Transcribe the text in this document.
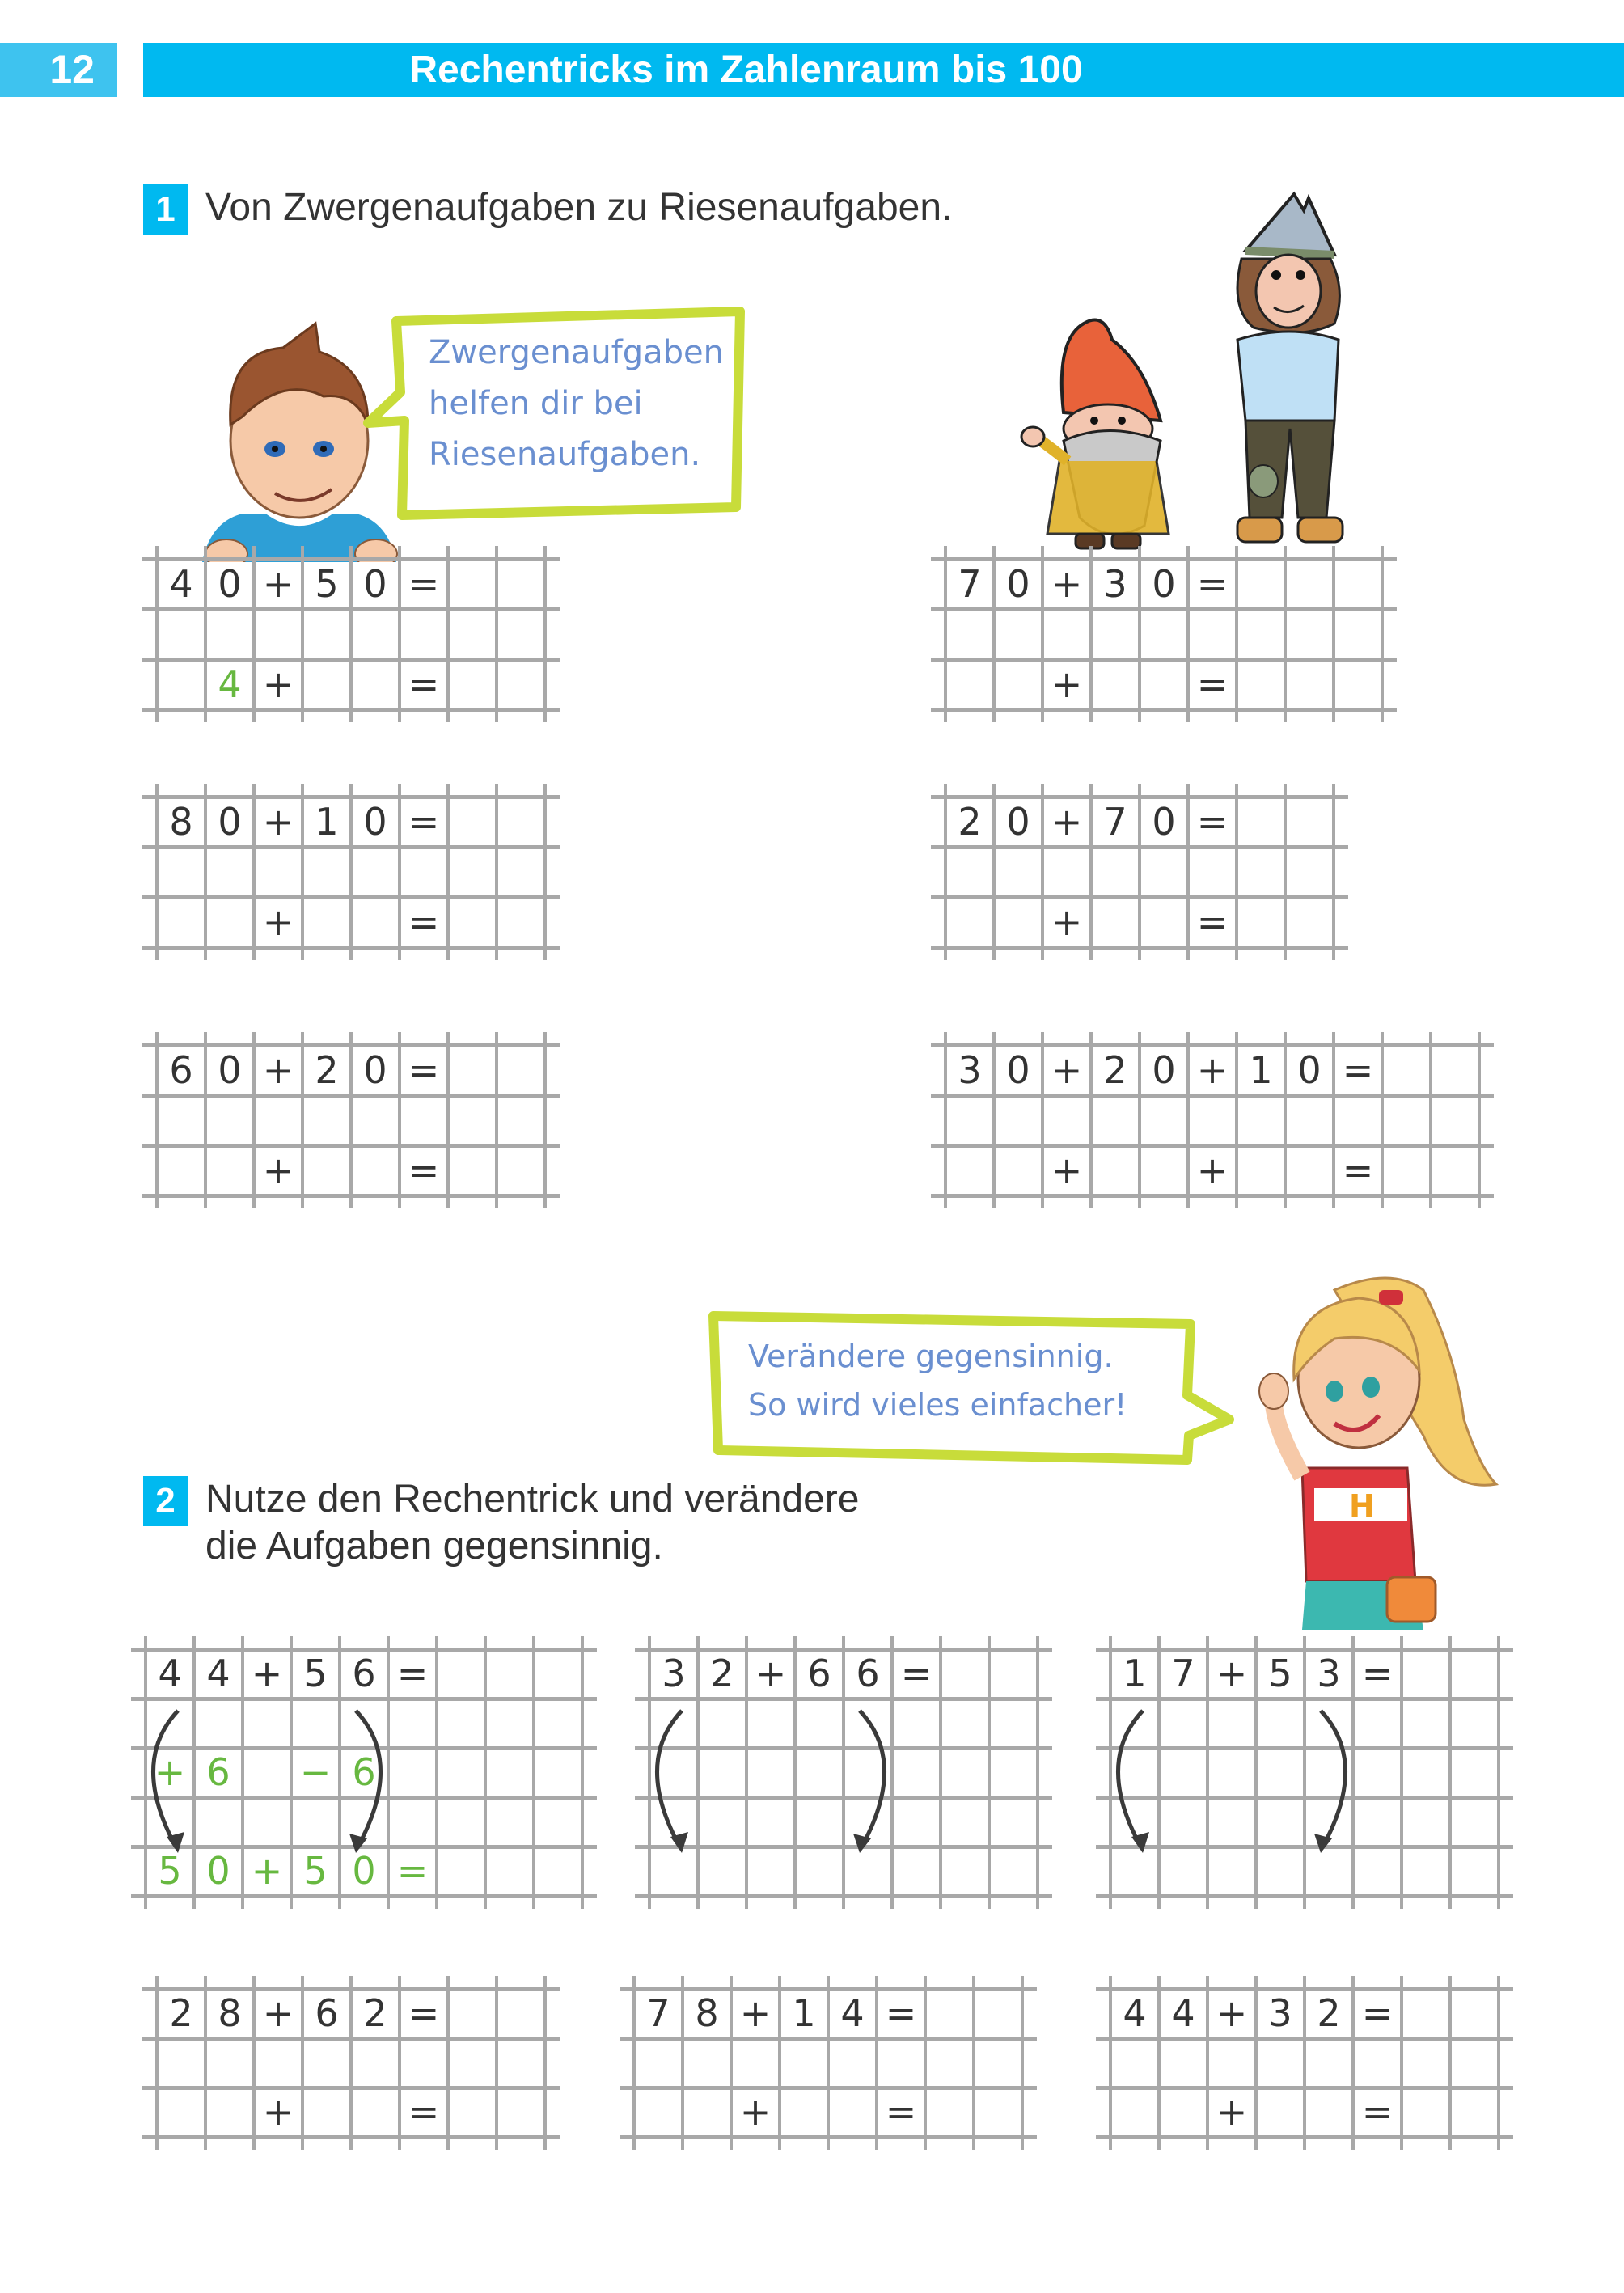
12	Rechentricks im Zahlenraum bis 100
1 Von Zwergenaufgaben zu Riesenaufgaben.
Zwergenaufgaben
helfen dir bei
Riesenaufgaben.
4 0 + 5 0 =
4 +	=
8 0 + 1 0 =
+	=
6 0 + 2 0 =
+	=
7 0 + 3 0 =
+	=
2 0 + 7 0 =
+	=
3 0 + 2 0 + 1 0 =
+	+	=
Verändere gegensinnig.
So wird vieles einfacher!
H
2 Nutze den Rechentrick und verändere
die Aufgaben gegensinnig.
4 4 + 5 6 =
+ 6	− 6
5 0 + 5 0 =
3 2 + 6 6 =	1 7 + 5 3 =
2 8 + 6 2 =
+	=
7 8 + 1 4 =
+	=
4 4 + 3 2 =
+	=
